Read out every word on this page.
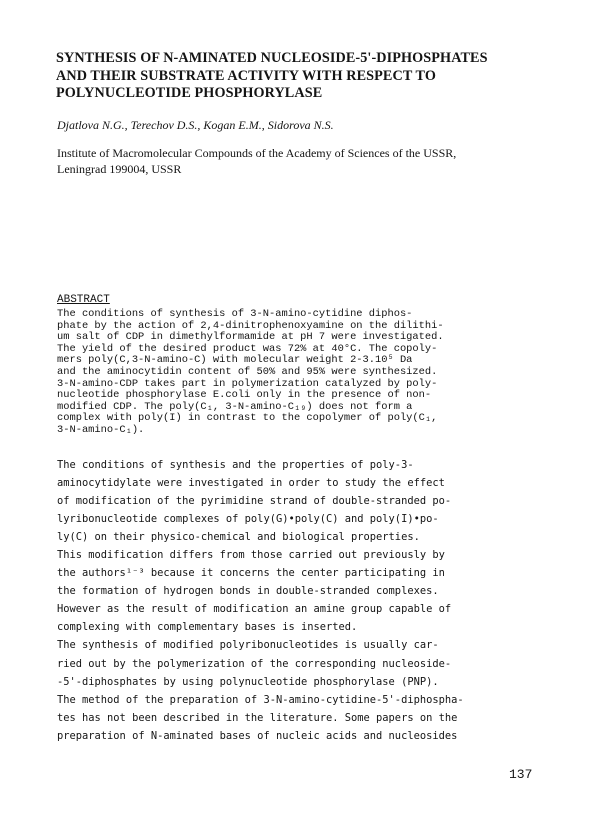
SYNTHESIS OF N-AMINATED NUCLEOSIDE-5'-DIPHOSPHATES
AND THEIR SUBSTRATE ACTIVITY WITH RESPECT TO
POLYNUCLEOTIDE PHOSPHORYLASE

Djatlova N.G., Terechov D.S., Kogan E.M., Sidorova N.S.

Institute of Macromolecular Compounds of the Academy of Sciences of the USSR,
Leningrad 199004, USSR

ABSTRACT

The conditions of synthesis of 3-N-amino-cytidine diphos-
phate by the action of 2,4-dinitrophenoxyamine on the dilithi-
um salt of CDP in dimethylformamide at pH 7 were investigated.
The yield of the desired product was 72% at 40°C. The copoly-
mers poly(C,3-N-amino-C) with molecular weight 2-3.10⁵ Da
and the aminocytidin content of 50% and 95% were synthesized.
3-N-amino-CDP takes part in polymerization catalyzed by poly-
nucleotide phosphorylase E.coli only in the presence of non-
modified CDP. The poly(C₁, 3-N-amino-C₁₉) does not form a
complex with poly(I) in contrast to the copolymer of poly(C₁,
3-N-amino-C₁).
The conditions of synthesis and the properties of poly-3-
aminocytidylate were investigated in order to study the effect
of modification of the pyrimidine strand of double-stranded po-
lyribonucleotide complexes of poly(G)•poly(C) and poly(I)•po-
ly(C) on their physico-chemical and biological properties.
This modification differs from those carried out previously by
the authors¹⁻³ because it concerns the center participating in
the formation of hydrogen bonds in double-stranded complexes.
However as the result of modification an amine group capable of
complexing with complementary bases is inserted.
The synthesis of modified polyribonucleotides is usually car-
ried out by the polymerization of the corresponding nucleoside-
-5'-diphosphates by using polynucleotide phosphorylase (PNP).
The method of the preparation of 3-N-amino-cytidine-5'-diphospha-
tes has not been described in the literature. Some papers on the
preparation of N-aminated bases of nucleic acids and nucleosides

137
